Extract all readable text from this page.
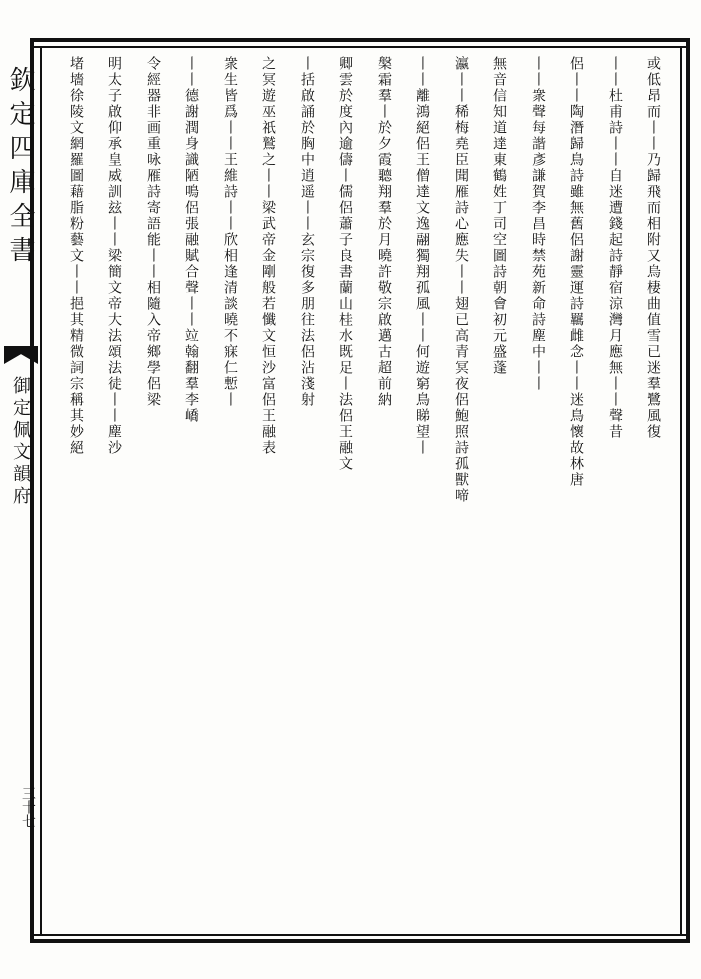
欽定四庫全書
御定佩文韻府
三十七
或低昂而丨丨乃歸飛而相附又烏棲曲值雪已迷羣鷺風復
丨丨杜甫詩丨丨自迷遭錢起詩靜宿涼灣月應無丨丨聲昔
侶丨丨陶潛歸鳥詩雖無舊侶謝靈運詩羈雌念丨丨迷鳥懷故林唐
丨丨衆聲每諧彥謙賀李昌時禁苑新命詩塵中丨丨
無音信知道達東鶴姓丁司空圖詩朝會初元盛蓬
瀛丨丨稀梅堯臣聞雁詩心應失丨丨翅已高青冥夜侶鮑照詩孤獸啼
丨丨離鴻絕侶王僧達文逸翮獨翔孤風丨丨何遊窮鳥睇望丨
槃霜羣丨於夕霞聽翔羣於月曉許敬宗啟邁古超前納
卿雲於度內逾儔丨儒侶蕭子良書蘭山桂水既足丨法侶王融文
丨括啟誦於胸中逍遥丨丨玄宗復多朋往法侶沾淺射
之冥遊巫祇鷲之丨丨梁武帝金剛般若懺文恒沙富侶王融表
衆生皆爲丨丨王維詩丨丨欣相逢清談曉不寐仁慙丨
丨丨德謝潤身識陋鳴侶張融賦合聲丨丨竝翰翻羣李嶠
令經器非画重咏雁詩寄語能丨丨相隨入帝鄉學侶梁
明太子啟仰承皇威訓玆丨丨梁簡文帝大法頌法徒丨丨塵沙
堵墻徐陵文網羅圖藉脂粉藝文丨丨挹其精微詞宗稱其妙絕
